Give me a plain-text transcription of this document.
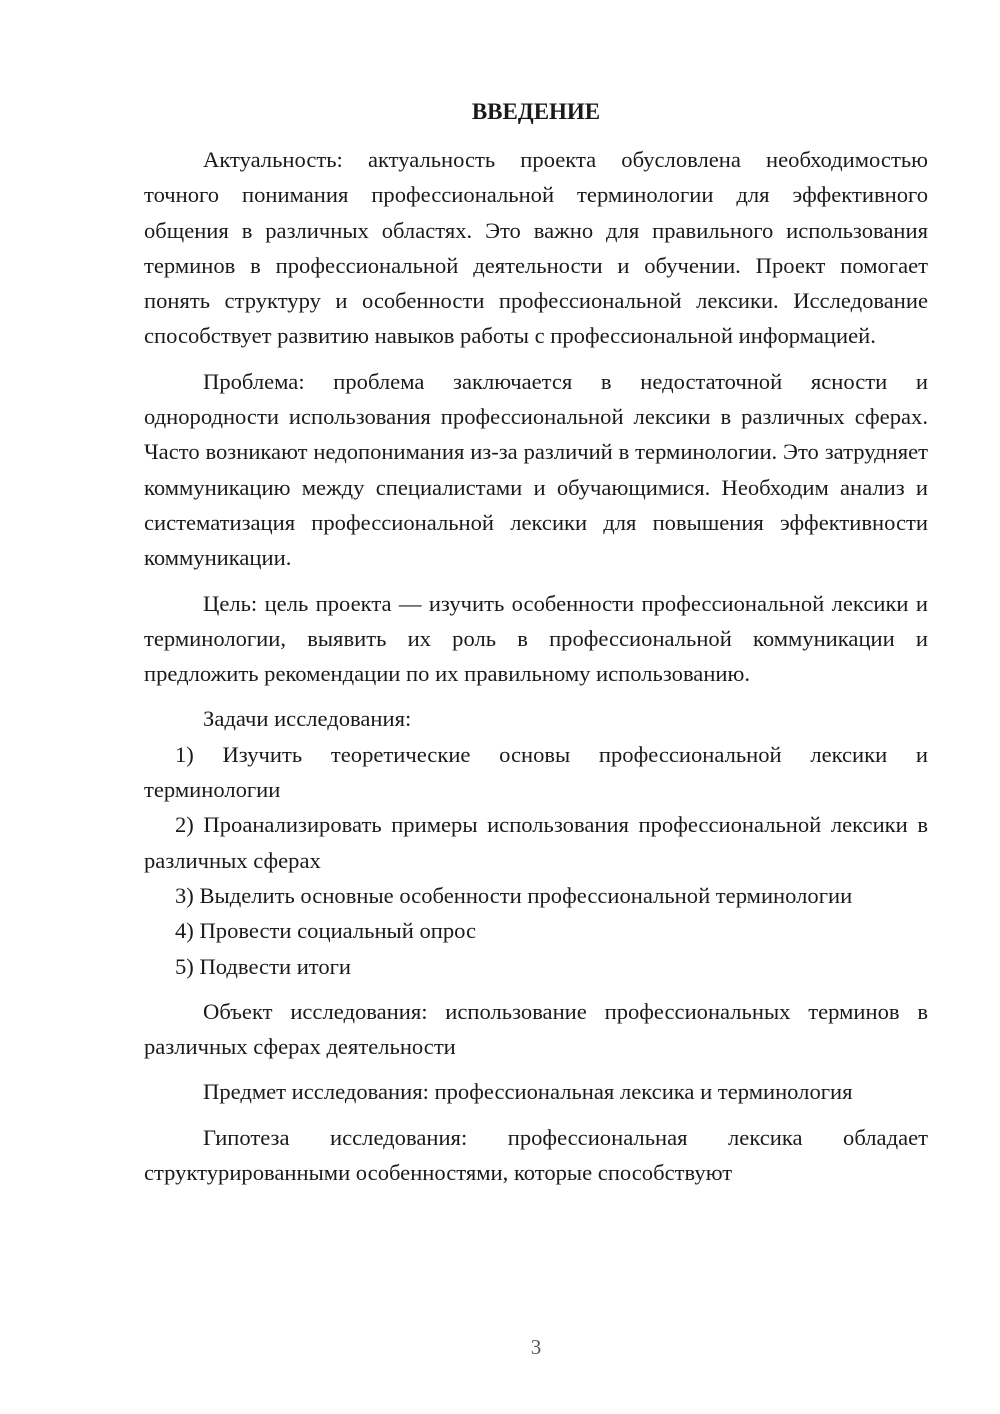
ВВЕДЕНИЕ

Актуальность: актуальность проекта обусловлена необходимостью точного понимания профессиональной терминологии для эффективного общения в различных областях. Это важно для правильного использования терминов в профессиональной деятельности и обучении. Проект помогает понять структуру и особенности профессиональной лексики. Исследование способствует развитию навыков работы с профессиональной информацией.

Проблема: проблема заключается в недостаточной ясности и однородности использования профессиональной лексики в различных сферах. Часто возникают недопонимания из-за различий в терминологии. Это затрудняет коммуникацию между специалистами и обучающимися. Необходим анализ и систематизация профессиональной лексики для повышения эффективности коммуникации.

Цель: цель проекта — изучить особенности профессиональной лексики и терминологии, выявить их роль в профессиональной коммуникации и предложить рекомендации по их правильному использованию.

Задачи исследования:

1) Изучить теоретические основы профессиональной лексики и терминологии

2) Проанализировать примеры использования профессиональной лексики в различных сферах

3) Выделить основные особенности профессиональной терминологии

4) Провести социальный опрос

5) Подвести итоги

Объект исследования: использование профессиональных терминов в различных сферах деятельности

Предмет исследования: профессиональная лексика и терминология

Гипотеза исследования: профессиональная лексика обладает структурированными особенностями, которые способствуют

3
